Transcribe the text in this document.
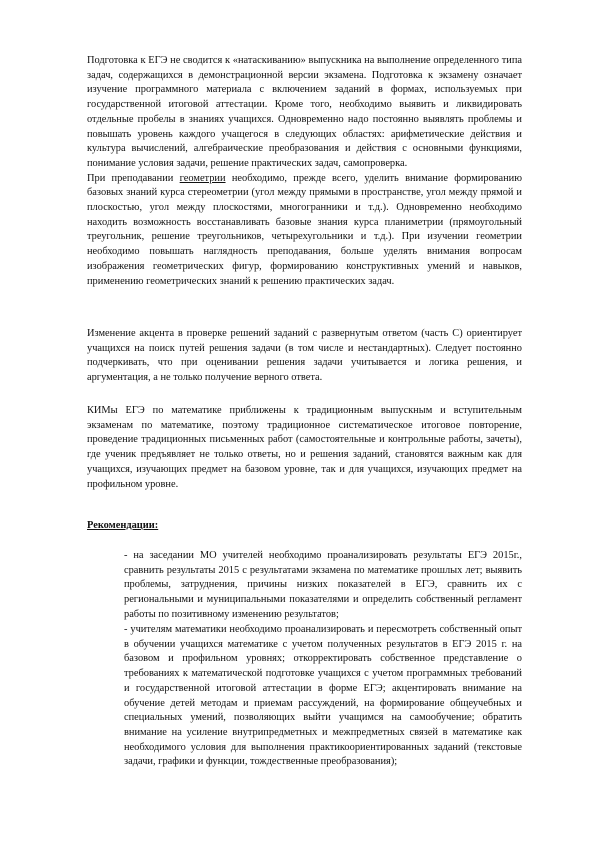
Подготовка к ЕГЭ не сводится к «натаскиванию» выпускника на выполнение определенного типа задач, содержащихся в демонстрационной версии экзамена. Подготовка к экзамену означает изучение программного материала с включением заданий в формах, используемых при государственной итоговой аттестации. Кроме того, необходимо выявить и ликвидировать отдельные пробелы в знаниях учащихся. Одновременно надо постоянно выявлять проблемы и повышать уровень каждого учащегося в следующих областях: арифметические действия и культура вычислений, алгебраические преобразования и действия с основными функциями, понимание условия задачи, решение практических задач, самопроверка.

При преподавании геометрии необходимо, прежде всего, уделить внимание формированию базовых знаний курса стереометрии (угол между прямыми в пространстве, угол между прямой и плоскостью, угол между плоскостями, многогранники и т.д.). Одновременно необходимо находить возможность восстанавливать базовые знания курса планиметрии (прямоугольный треугольник, решение треугольников, четырехугольники и т.д.). При изучении геометрии необходимо повышать наглядность преподавания, больше уделять внимания вопросам изображения геометрических фигур, формированию конструктивных умений и навыков, применению геометрических знаний к решению практических задач.

Изменение акцента в проверке решений заданий с развернутым ответом (часть С) ориентирует учащихся на поиск путей решения задачи (в том числе и нестандартных). Следует постоянно подчеркивать, что при оценивании решения задачи учитывается и логика решения, и аргументация, а не только получение верного ответа.

КИМы ЕГЭ по математике приближены к традиционным выпускным и вступительным экзаменам по математике, поэтому традиционное систематическое итоговое повторение, проведение традиционных письменных работ (самостоятельные и контрольные работы, зачеты), где ученик предъявляет не только ответы, но и решения заданий, становятся важным как для учащихся, изучающих предмет на базовом уровне, так и для учащихся, изучающих предмет на профильном уровне.

Рекомендации:
- на заседании МО учителей необходимо проанализировать результаты ЕГЭ 2015г., сравнить результаты 2015 с результатами экзамена по математике прошлых лет; выявить проблемы, затруднения, причины низких показателей в ЕГЭ, сравнить их с региональными и муниципальными показателями и определить собственный регламент работы по позитивному изменению результатов;
- учителям математики необходимо проанализировать и пересмотреть собственный опыт в обучении учащихся математике с учетом полученных результатов в ЕГЭ 2015 г. на базовом и профильном уровнях; откорректировать собственное представление о требованиях к математической подготовке учащихся с учетом программных требований и государственной итоговой аттестации в форме ЕГЭ; акцентировать внимание на обучение детей методам и приемам рассуждений, на формирование общеучебных и специальных умений, позволяющих выйти учащимся на самообучение; обратить внимание на усиление внутрипредметных и межпредметных связей в математике как необходимого условия для выполнения практикоориентированных заданий (текстовые задачи, графики и функции, тождественные преобразования);
